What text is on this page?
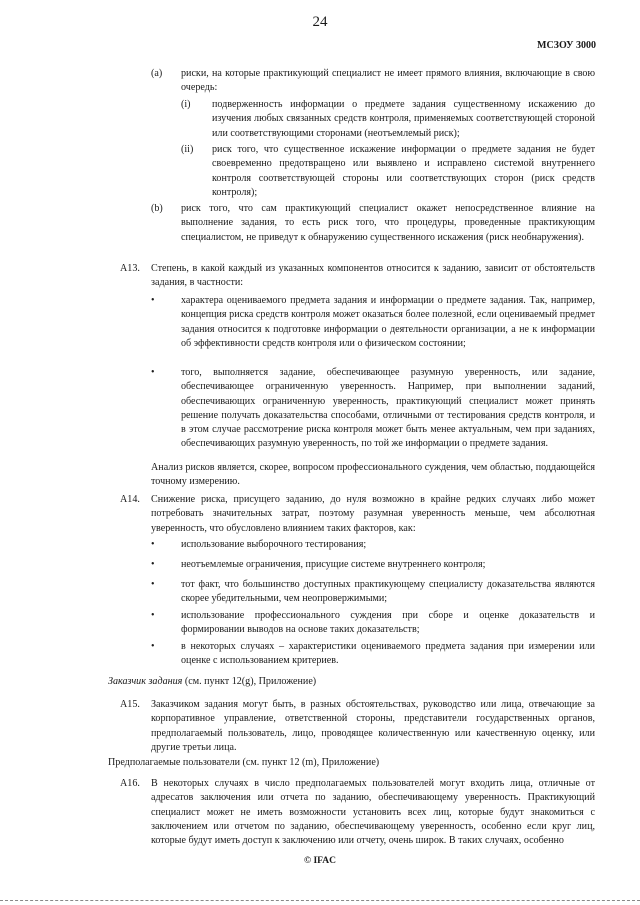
24
МСЗОУ 3000
(a) риски, на которые практикующий специалист не имеет прямого влияния, включающие в свою очередь:

(i) подверженность информации о предмете задания существенному искажению до изучения любых связанных средств контроля, применяемых соответствующей стороной или соответствующими сторонами (неотъемлемый риск);

(ii) риск того, что существенное искажение информации о предмете задания не будет своевременно предотвращено или выявлено и исправлено системой внутреннего контроля соответствующей стороны или соответствующих сторон (риск средств контроля);

(b) риск того, что сам практикующий специалист окажет непосредственное влияние на выполнение задания, то есть риск того, что процедуры, проведенные практикующим специалистом, не приведут к обнаружению существенного искажения (риск необнаружения).

A13. Степень, в какой каждый из указанных компонентов относится к заданию, зависит от обстоятельств задания, в частности:

•	характера оцениваемого предмета задания и информации о предмете задания. Так, например, концепция риска средств контроля может оказаться более полезной, если оцениваемый предмет задания относится к подготовке информации о деятельности организации, а не к информации об эффективности средств контроля или о физическом состоянии;

•	того, выполняется задание, обеспечивающее разумную уверенность, или задание, обеспечивающее ограниченную уверенность. Например, при выполнении заданий, обеспечивающих ограниченную уверенность, практикующий специалист может принять решение получать доказательства способами, отличными от тестирования средств контроля, и в этом случае рассмотрение риска контроля может быть менее актуальным, чем при заданиях, обеспечивающих разумную уверенность, по той же информации о предмете задания.

Анализ рисков является, скорее, вопросом профессионального суждения, чем областью, поддающейся точному измерению.

A14. Снижение риска, присущего заданию, до нуля возможно в крайне редких случаях либо может потребовать значительных затрат, поэтому разумная уверенность меньше, чем абсолютная уверенность, что обусловлено влиянием таких факторов, как:

•	использование выборочного тестирования;

•	неотъемлемые ограничения, присущие системе внутреннего контроля;

•	тот факт, что большинство доступных практикующему специалисту доказательства являются скорее убедительными, чем неопровержимыми;

•	использование профессионального суждения при сборе и оценке доказательств и формировании выводов на основе таких доказательств;

•	в некоторых случаях – характеристики оцениваемого предмета задания при измерении или оценке с использованием критериев.

Заказчик задания (см. пункт 12(g), Приложение)
A15. Заказчиком задания могут быть, в разных обстоятельствах, руководство или лица, отвечающие за корпоративное управление, ответственной стороны, представители государственных органов, предполагаемый пользователь, лицо, проводящее количественную или качественную оценку, или другие третьи лица.

Предполагаемые пользователи (см. пункт 12 (m), Приложение)
A16. В некоторых случаях в число предполагаемых пользователей могут входить лица, отличные от адресатов заключения или отчета по заданию, обеспечивающему уверенность. Практикующий специалист может не иметь возможности установить всех лиц, которые будут знакомиться с заключением или отчетом по заданию, обеспечивающему уверенность, особенно если круг лиц, которые будут иметь доступ к заключению или отчету, очень широк. В таких случаях, особенно

© IFAC
